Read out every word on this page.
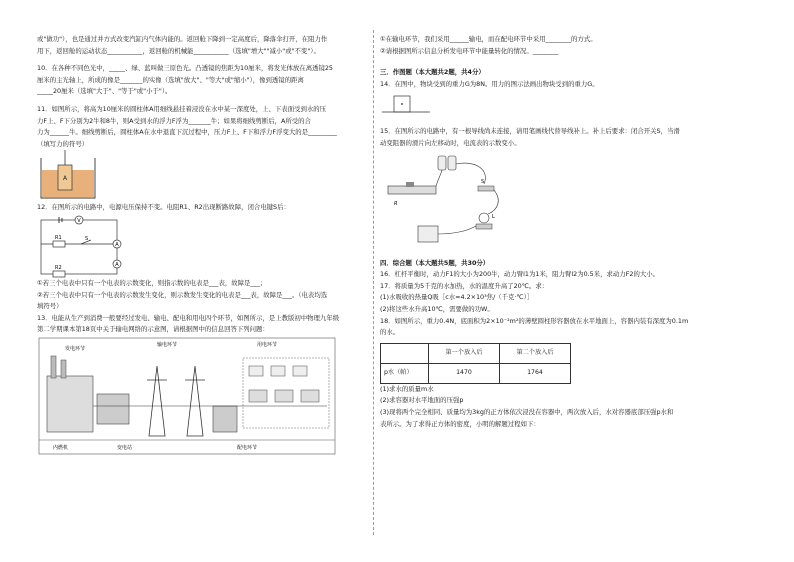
或"做功"），也是通过并方式改变汽缸内气体内能的。返回舱下降到一定高度后，降落伞打开，在阻力作

用下，返回舱的运动状态___________，返回舱的机械能___________（选填"增大""减小"或"不变"）。

10．在各种不同色光中，_____、绿、蓝叫做三原色光。凸透镜的焦距为10厘米，将发光体放在离透镜25

厘米的主光轴上，所成的像是_______的实像（选填"放大"、"等大"或"缩小"），像到透镜的距离

_____20厘米（选填"大于"、"等于"或"小于"）。

11．如图所示，将高为10厘米的圆柱体A用细线悬挂着浸没在水中某一深度处，上、下表面受到水的压

力F上、F下分别为2牛和8牛，则A受到水的浮力F浮为_______牛；如果将细线剪断后，A所受的合

力为______牛。细线剪断后，圆柱体A在水中退直下沉过程中，压力F上、F下和浮力F浮变大的是_________

（填写力的符号）

A

12．在图所示的电路中，电源电压保持不变。电阻R1、R2出现断路故障，闭合电键S后：

V
R1	S
R2
A
A

①若三个电表中只有一个电表的示数变化，则指示数的电表是___表，故障是___；

②若三个电表中只有一个电表的示数发生变化，则示数发生变化的电表是___表，故障是___。（电表均选

填符号）

13．电能从生产到消费一般要经过发电、输电、配电和用电四个环节，如图所示，是上教版初中物理九年级

第二学期课本第18页中关于输电网络的示意图，请根据图中的信息回答下列问题：

发电环节
输电环节	用电环节
内燃机	变电站	配电环节

①在输电环节，我们采用______输电，而在配电环节中采用________的方式。

②请根据图所示信息分析发电环节中能量转化的情况。________

三．作图题（本大题共2题，共4分）

14．在图中，物块受到的重力G为8N。用力的图示法画出物块受到的重力G。

15．在图所示的电路中，有一根导线尚未连接，请用笔画线代替导线补上。补上后要求：闭合开关S，当滑

动变阻器的滑片向左移动时，电流表的示数变小。

R
S
L

四．综合题（本大题共5题，共30分）

16．杠杆平衡时，动力F1的大小为200牛，动力臂l1为1米，阻力臂l2为0.5米，求动力F2的大小。

17．将质量为5千克的水加热，水的温度升高了20℃。求：

(1)水吸收的热量Q吸［c水=4.2×10³焦/（千克·℃）］

(2)将这些水升高10℃，需要做的功W。

18．如图所示，重力0.4N，底面积为2×10⁻²m²的薄壁圆柱形容器放在水平地面上，容器内装有深度为0.1m

的水。

	第一个放入后	第二个放入后
p水（帕）	1470	1764

(1)求水的质量m水

(2)求容器对水平地面的压强p

(3)现将两个完全相同、质量均为3kg的正方体依次浸没在容器中，两次放入后，水对容器底部压强p水和

表所示。为了求得正方体的密度，小明的解题过程如下：
